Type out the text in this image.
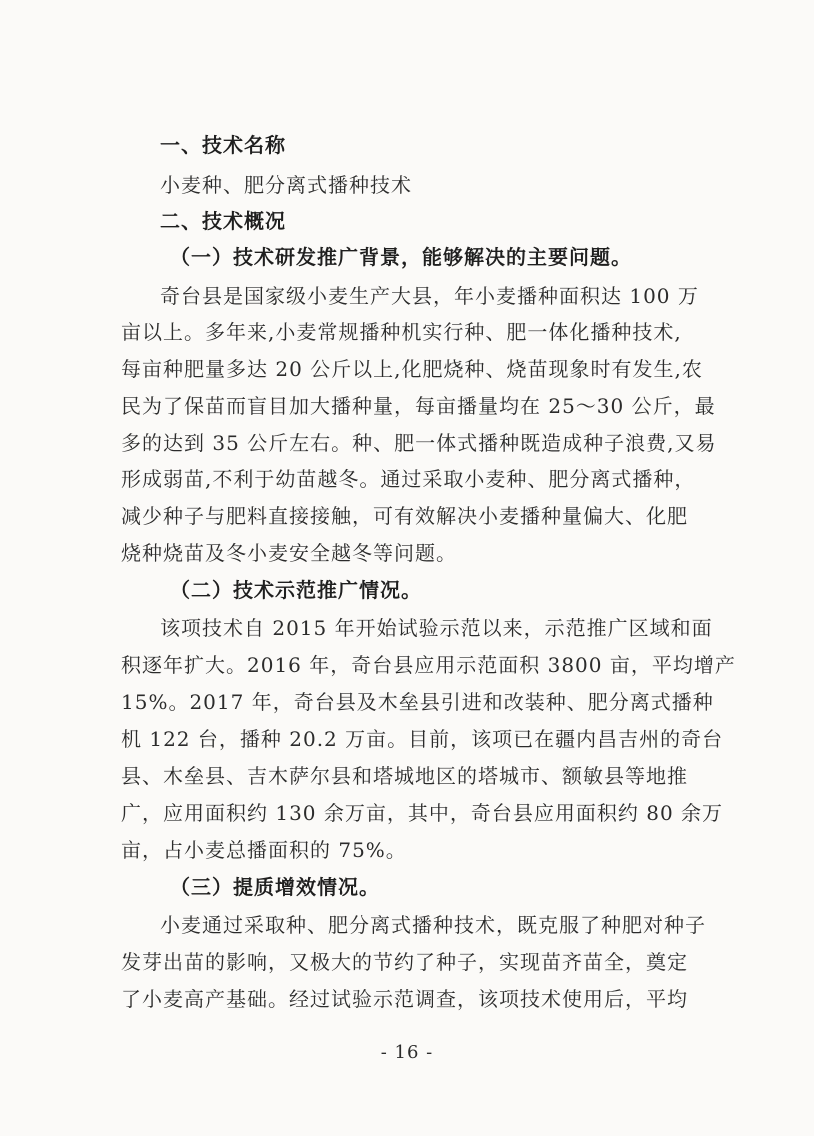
一、技术名称
小麦种、肥分离式播种技术
二、技术概况
（一）技术研发推广背景，能够解决的主要问题。
奇台县是国家级小麦生产大县，年小麦播种面积达 100 万
亩以上。多年来,小麦常规播种机实行种、肥一体化播种技术,
每亩种肥量多达 20 公斤以上,化肥烧种、烧苗现象时有发生,农
民为了保苗而盲目加大播种量，每亩播量均在 25～30 公斤，最
多的达到 35 公斤左右。种、肥一体式播种既造成种子浪费,又易
形成弱苗,不利于幼苗越冬。通过采取小麦种、肥分离式播种，
减少种子与肥料直接接触，可有效解决小麦播种量偏大、化肥
烧种烧苗及冬小麦安全越冬等问题。
（二）技术示范推广情况。
该项技术自 2015 年开始试验示范以来，示范推广区域和面
积逐年扩大。2016 年，奇台县应用示范面积 3800 亩，平均增产
15%。2017 年，奇台县及木垒县引进和改装种、肥分离式播种
机 122 台，播种 20.2 万亩。目前，该项已在疆内昌吉州的奇台
县、木垒县、吉木萨尔县和塔城地区的塔城市、额敏县等地推
广，应用面积约 130 余万亩，其中，奇台县应用面积约 80 余万
亩，占小麦总播面积的 75%。
（三）提质增效情况。
小麦通过采取种、肥分离式播种技术，既克服了种肥对种子
发芽出苗的影响，又极大的节约了种子，实现苗齐苗全，奠定
了小麦高产基础。经过试验示范调查，该项技术使用后，平均
- 16 -
